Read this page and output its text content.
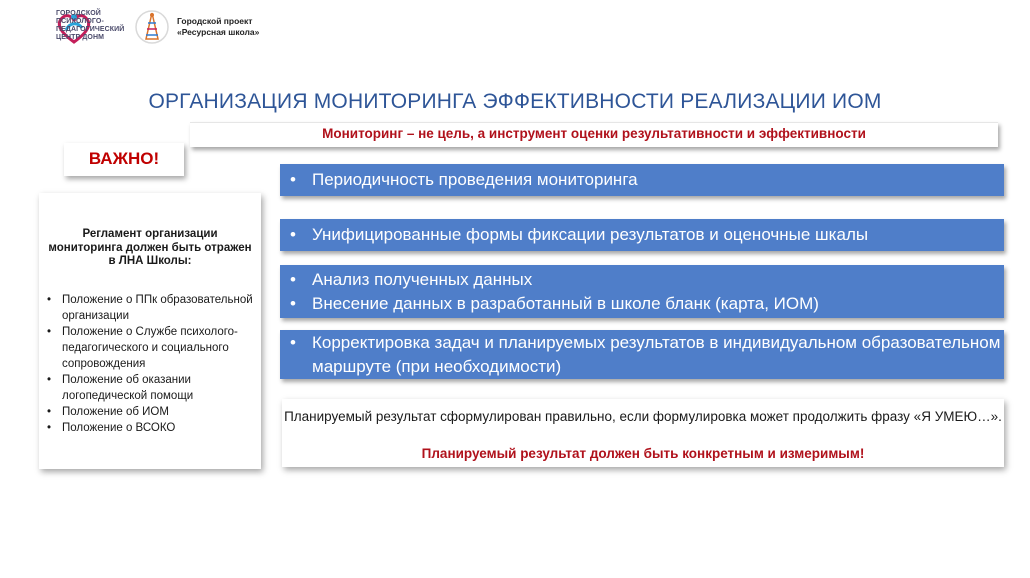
ГОРОДСКОЙ ПСИХОЛОГО-ПЕДАГОГИЧЕСКИЙ ЦЕНТР ДОНМ
Городской проект
«Ресурсная школа»
ОРГАНИЗАЦИЯ МОНИТОРИНГА ЭФФЕКТИВНОСТИ РЕАЛИЗАЦИИ ИОМ
Мониторинг – не цель, а инструмент оценки результативности и эффективности
ВАЖНО!
Регламент организации мониторинга должен быть отражен в ЛНА Школы:
• Положение о ППк образовательной организации
• Положение о Службе психолого-педагогического и социального сопровождения
• Положение об оказании логопедической помощи
• Положение об ИОМ
• Положение о ВСОКО
• Периодичность проведения мониторинга
• Унифицированные формы фиксации результатов и оценочные шкалы
• Анализ полученных данных
• Внесение данных в разработанный в школе бланк (карта, ИОМ)
• Корректировка задач и планируемых результатов в индивидуальном образовательном маршруте (при необходимости)
Планируемый результат сформулирован правильно, если формулировка может продолжить фразу «Я УМЕЮ…».
Планируемый результат должен быть конкретным и измеримым!
